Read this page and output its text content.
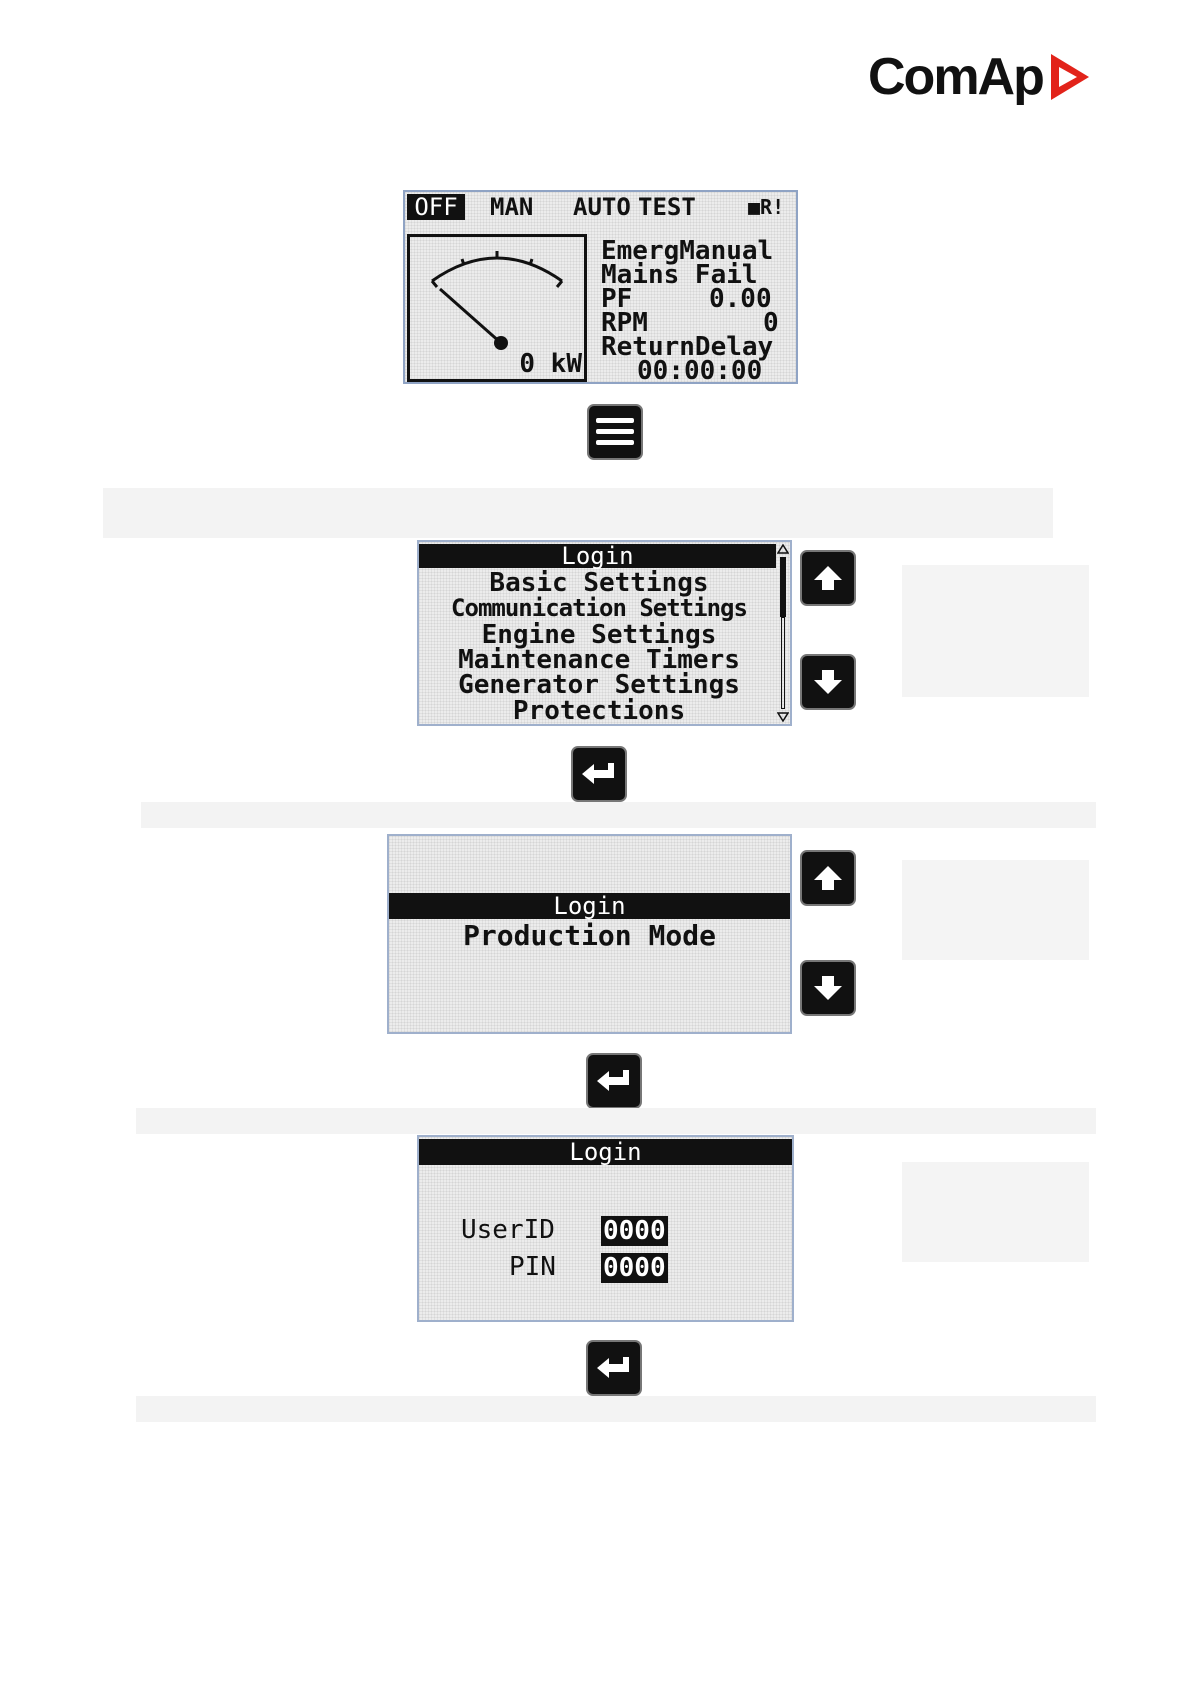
ComAp
OFF	MAN AUTO TEST	■R!
0 kW
EmergManual
Mains Fail
PF	0.00
RPM	0
ReturnDelay
00:00:00
Login
Basic Settings
Communication Settings
Engine Settings
Maintenance Timers
Generator Settings
Protections
Login
Production Mode
Login
UserID 0000
PIN 0000
